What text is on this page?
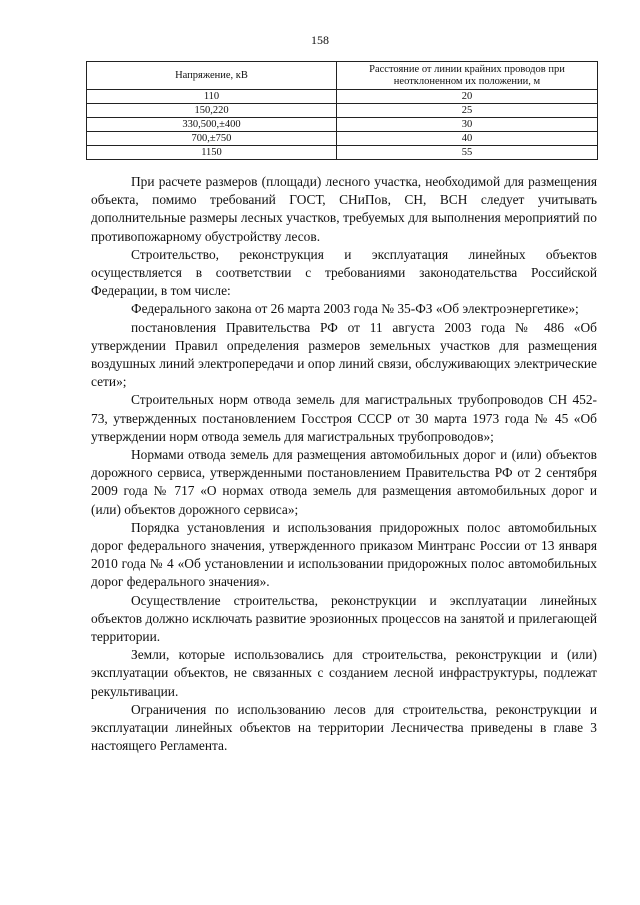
158
Напряжение, кВ	Расстояние от линии крайних проводов при неотклоненном их положении, м
110	20
150,220	25
330,500,±400	30
700,±750	40
1150	55

При расчете размеров (площади) лесного участка, необходимой для размещения объекта, помимо требований ГОСТ, СНиПов, СН, ВСН следует учитывать дополнительные размеры лесных участков, требуемых для выполнения мероприятий по противопожарному обустройству лесов.

Строительство, реконструкция и эксплуатация линейных объектов осуществляется в соответствии с требованиями законодательства Российской Федерации, в том числе:

Федерального закона от 26 марта 2003 года № 35-ФЗ «Об электроэнергетике»;

постановления Правительства РФ от 11 августа 2003 года № 486 «Об утверждении Правил определения размеров земельных участков для размещения воздушных линий электропередачи и опор линий связи, обслуживающих электрические сети»;

Строительных норм отвода земель для магистральных трубопроводов СН 452-73, утвержденных постановлением Госстроя СССР от 30 марта 1973 года № 45 «Об утверждении норм отвода земель для магистральных трубопроводов»;

Нормами отвода земель для размещения автомобильных дорог и (или) объектов дорожного сервиса, утвержденными постановлением Правительства РФ от 2 сентября 2009 года № 717 «О нормах отвода земель для размещения автомобильных дорог и (или) объектов дорожного сервиса»;

Порядка установления и использования придорожных полос автомобильных дорог федерального значения, утвержденного приказом Минтранс России от 13 января 2010 года № 4 «Об установлении и использовании придорожных полос автомобильных дорог федерального значения».

Осуществление строительства, реконструкции и эксплуатации линейных объектов должно исключать развитие эрозионных процессов на занятой и прилегающей территории.

Земли, которые использовались для строительства, реконструкции и (или) эксплуатации объектов, не связанных с созданием лесной инфраструктуры, подлежат рекультивации.

Ограничения по использованию лесов для строительства, реконструкции и эксплуатации линейных объектов на территории Лесничества приведены в главе 3 настоящего Регламента.
